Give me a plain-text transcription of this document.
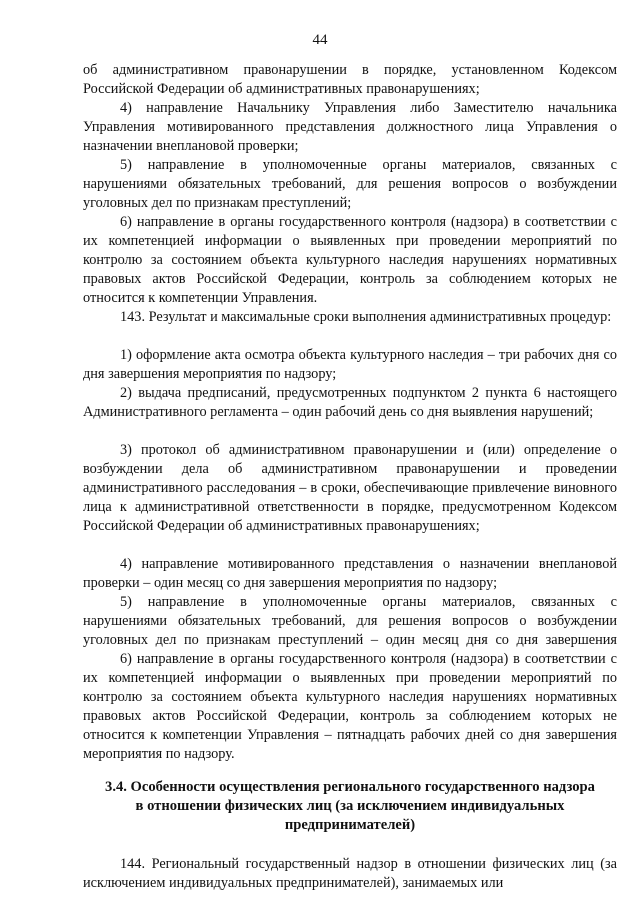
44

об административном правонарушении в порядке, установленном Кодексом Российской Федерации об административных правонарушениях;

4) направление Начальнику Управления либо Заместителю начальника Управления мотивированного представления должностного лица Управления о назначении внеплановой проверки;

5) направление в уполномоченные органы материалов, связанных с нарушениями обязательных требований, для решения вопросов о возбуждении уголовных дел по признакам преступлений;

6) направление в органы государственного контроля (надзора) в соответствии с их компетенцией информации о выявленных при проведении мероприятий по контролю за состоянием объекта культурного наследия нарушениях нормативных правовых актов Российской Федерации, контроль за соблюдением которых не относится к компетенции Управления.

143. Результат и максимальные сроки выполнения административных процедур:

1) оформление акта осмотра объекта культурного наследия – три рабочих дня со дня завершения мероприятия по надзору;

2) выдача предписаний, предусмотренных подпунктом 2 пункта 6 настоящего Административного регламента – один рабочий день со дня выявления нарушений;

3) протокол об административном правонарушении и (или) определение о возбуждении дела об административном правонарушении и проведении административного расследования – в сроки, обеспечивающие привлечение виновного лица к административной ответственности в порядке, предусмотренном Кодексом Российской Федерации об административных правонарушениях;

4) направление мотивированного представления о назначении внеплановой проверки – один месяц со дня завершения мероприятия по надзору;

5) направление в уполномоченные органы материалов, связанных с нарушениями обязательных требований, для решения вопросов о возбуждении уголовных дел по признакам преступлений – один месяц дня со дня завершения

6) направление в органы государственного контроля (надзора) в соответствии с их компетенцией информации о выявленных при проведении мероприятий по контролю за состоянием объекта культурного наследия нарушениях нормативных правовых актов Российской Федерации, контроль за соблюдением которых не относится к компетенции Управления – пятнадцать рабочих дней со дня завершения мероприятия по надзору.

3.4. Особенности осуществления регионального государственного надзора в отношении физических лиц (за исключением индивидуальных предпринимателей)

144. Региональный государственный надзор в отношении физических лиц (за исключением индивидуальных предпринимателей), занимаемых или
